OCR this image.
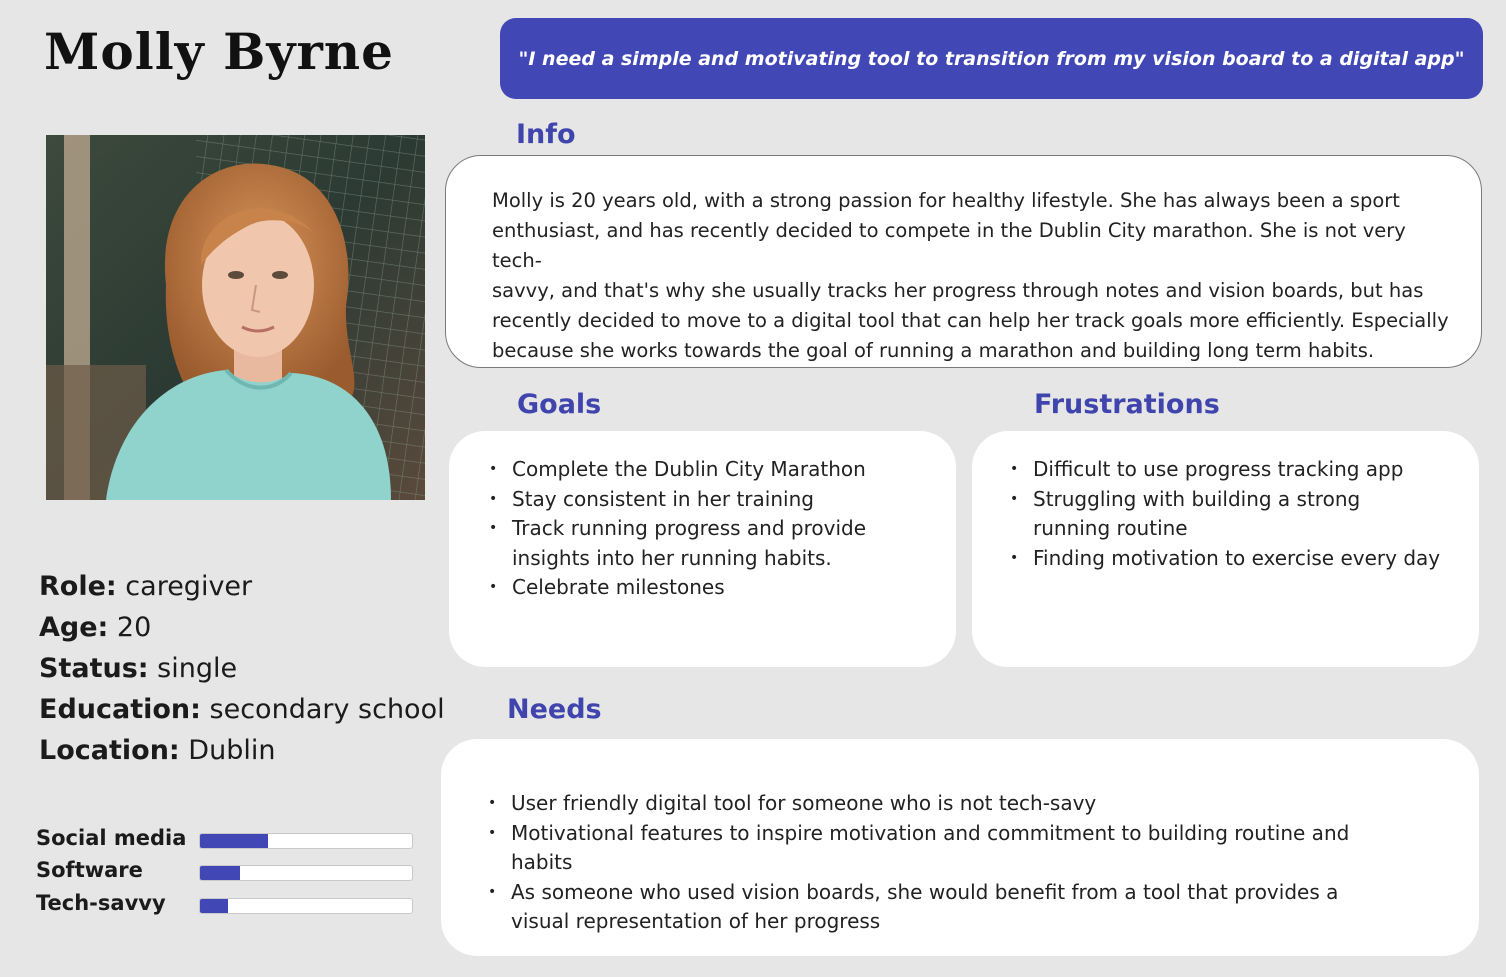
Molly Byrne	"I need a simple and motivating tool to transition from my vision board to a digital app"
Role: caregiver
Age: 20
Status: single
Education: secondary school
Location: Dublin
Social media
Software
Tech-savvy
Info

Molly is 20 years old, with a strong passion for healthy lifestyle. She has always been a sport
enthusiast, and has recently decided to compete in the Dublin City marathon. She is not very tech-
savvy, and that's why she usually tracks her progress through notes and vision boards, but has
recently decided to move to a digital tool that can help her track goals more efficiently. Especially
because she works towards the goal of running a marathon and building long term habits.

Goals
• Complete the Dublin City Marathon
• Stay consistent in her training
• Track running progress and provide insights into her running habits.
• Celebrate milestones
Frustrations
• Difficult to use progress tracking app
• Struggling with building a strong running routine
• Finding motivation to exercise every day
Needs
• User friendly digital tool for someone who is not tech-savy
• Motivational features to inspire motivation and commitment to building routine and habits
• As someone who used vision boards, she would benefit from a tool that provides a visual representation of her progress
